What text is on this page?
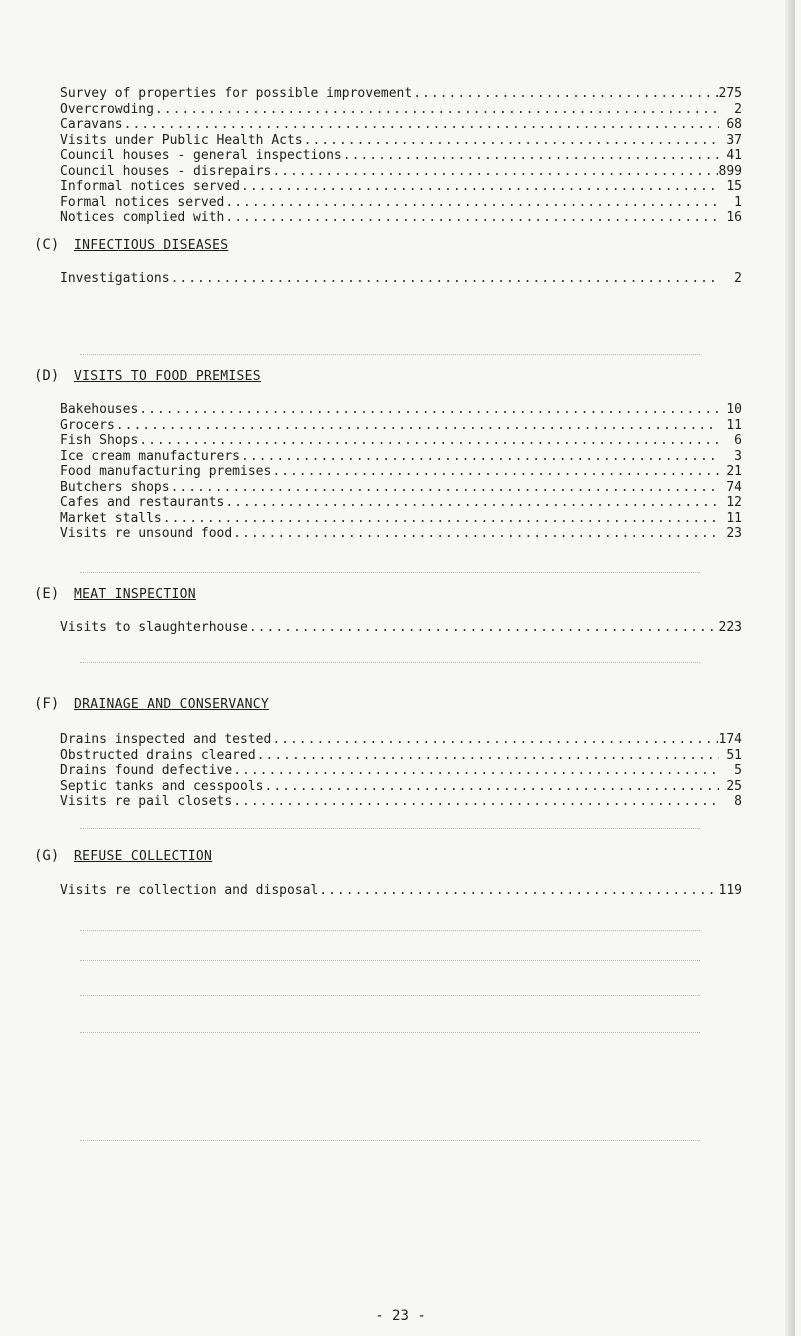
Survey of properties for possible improvement .....	275
Overcrowding .....	2
Caravans .....	68
Visits under Public Health Acts .....	37
Council houses - general inspections .....	41
Council houses - disrepairs .....	899
Informal notices served .....	15
Formal notices served .....	1
Notices complied with .....	16
(C)	INFECTIOUS DISEASES
Investigations .....	2
(D)	VISITS TO FOOD PREMISES
Bakehouses .....	10
Grocers .....	11
Fish Shops .....	6
Ice cream manufacturers .....	3
Food manufacturing premises .....	21
Butchers shops .....	74
Cafes and restaurants .....	12
Market stalls .....	11
Visits re unsound food .....	23
(E)	MEAT INSPECTION
Visits to slaughterhouse .....	223
(F)	DRAINAGE AND CONSERVANCY
Drains inspected and tested .....	174
Obstructed drains cleared .....	51
Drains found defective .....	5
Septic tanks and cesspools .....	25
Visits re pail closets .....	8
(G)	REFUSE COLLECTION
Visits re collection and disposal .....	119
- 23 -
